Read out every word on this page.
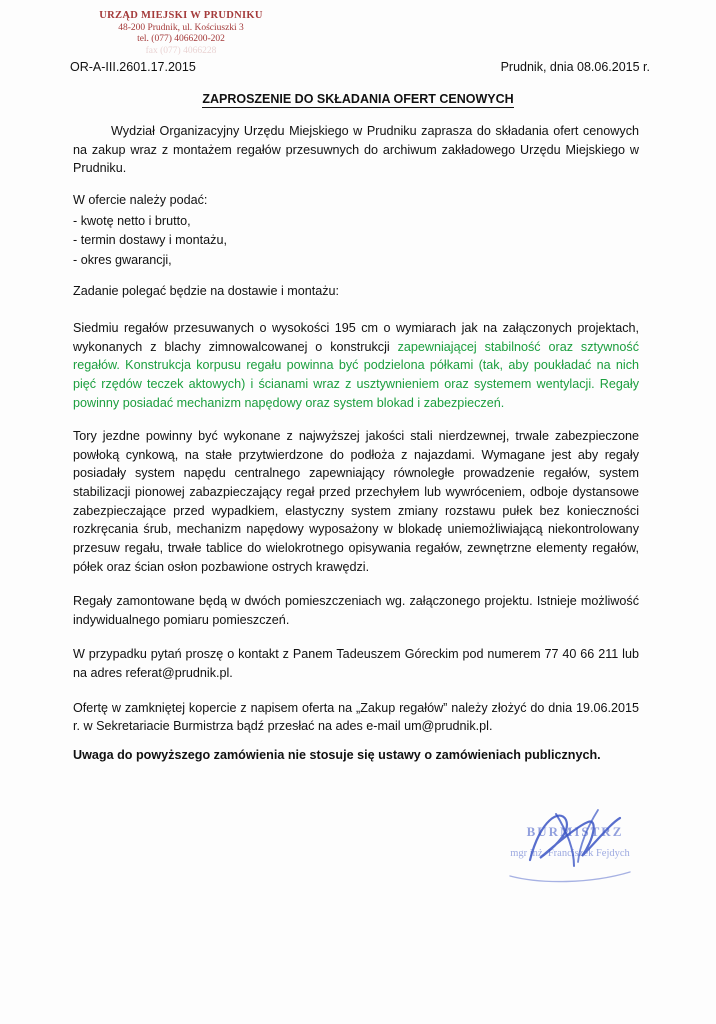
URZĄD MIEJSKI W PRUDNIKU
48-200 Prudnik, ul. Kościuszki 3
tel. (077) 4066200-202
fax (077) 4066228
OR-A-III.2601.17.2015	Prudnik, dnia 08.06.2015 r.
ZAPROSZENIE DO SKŁADANIA OFERT CENOWYCH

Wydział Organizacyjny Urzędu Miejskiego w Prudniku zaprasza do składania ofert cenowych na zakup wraz z montażem regałów przesuwnych do archiwum zakładowego Urzędu Miejskiego w Prudniku.

W ofercie należy podać:

- kwotę netto i brutto,

- termin dostawy i montażu,

- okres gwarancji,

Zadanie polegać będzie na dostawie i montażu:

Siedmiu regałów przesuwanych o wysokości 195 cm o wymiarach jak na załączonych projektach, wykonanych z blachy zimnowalcowanej o konstrukcji zapewniającej stabilność oraz sztywność regałów. Konstrukcja korpusu regału powinna być podzielona półkami (tak, aby poukładać na nich pięć rzędów teczek aktowych) i ścianami wraz z usztywnieniem oraz systemem wentylacji. Regały powinny posiadać mechanizm napędowy oraz system blokad i zabezpieczeń.

Tory jezdne powinny być wykonane z najwyższej jakości stali nierdzewnej, trwale zabezpieczone powłoką cynkową, na stałe przytwierdzone do podłoża z najazdami. Wymagane jest aby regały posiadały system napędu centralnego zapewniający równoległe prowadzenie regałów, system stabilizacji pionowej zabazpieczający regał przed przechyłem lub wywróceniem, odboje dystansowe zabezpieczające przed wypadkiem, elastyczny system zmiany rozstawu pułek bez konieczności rozkręcania śrub, mechanizm napędowy wyposażony w blokadę uniemożliwiającą niekontrolowany przesuw regału, trwałe tablice do wielokrotnego opisywania regałów, zewnętrzne elementy regałów, półek oraz ścian osłon pozbawione ostrych krawędzi.

Regały zamontowane będą w dwóch pomieszczeniach wg. załączonego projektu. Istnieje możliwość indywidualnego pomiaru pomieszczeń.

W przypadku pytań proszę o kontakt z Panem Tadeuszem Góreckim pod numerem 77 40 66 211 lub na adres referat@prudnik.pl.

Ofertę w zamkniętej kopercie z napisem oferta na „Zakup regałów” należy złożyć do dnia 19.06.2015 r. w Sekretariacie Burmistrza bądź przesłać na ades e-mail um@prudnik.pl.

Uwaga do powyższego zamówienia nie stosuje się ustawy o zamówieniach publicznych.

BURMISTRZ
mgr inż. Franciszek Fejdych
